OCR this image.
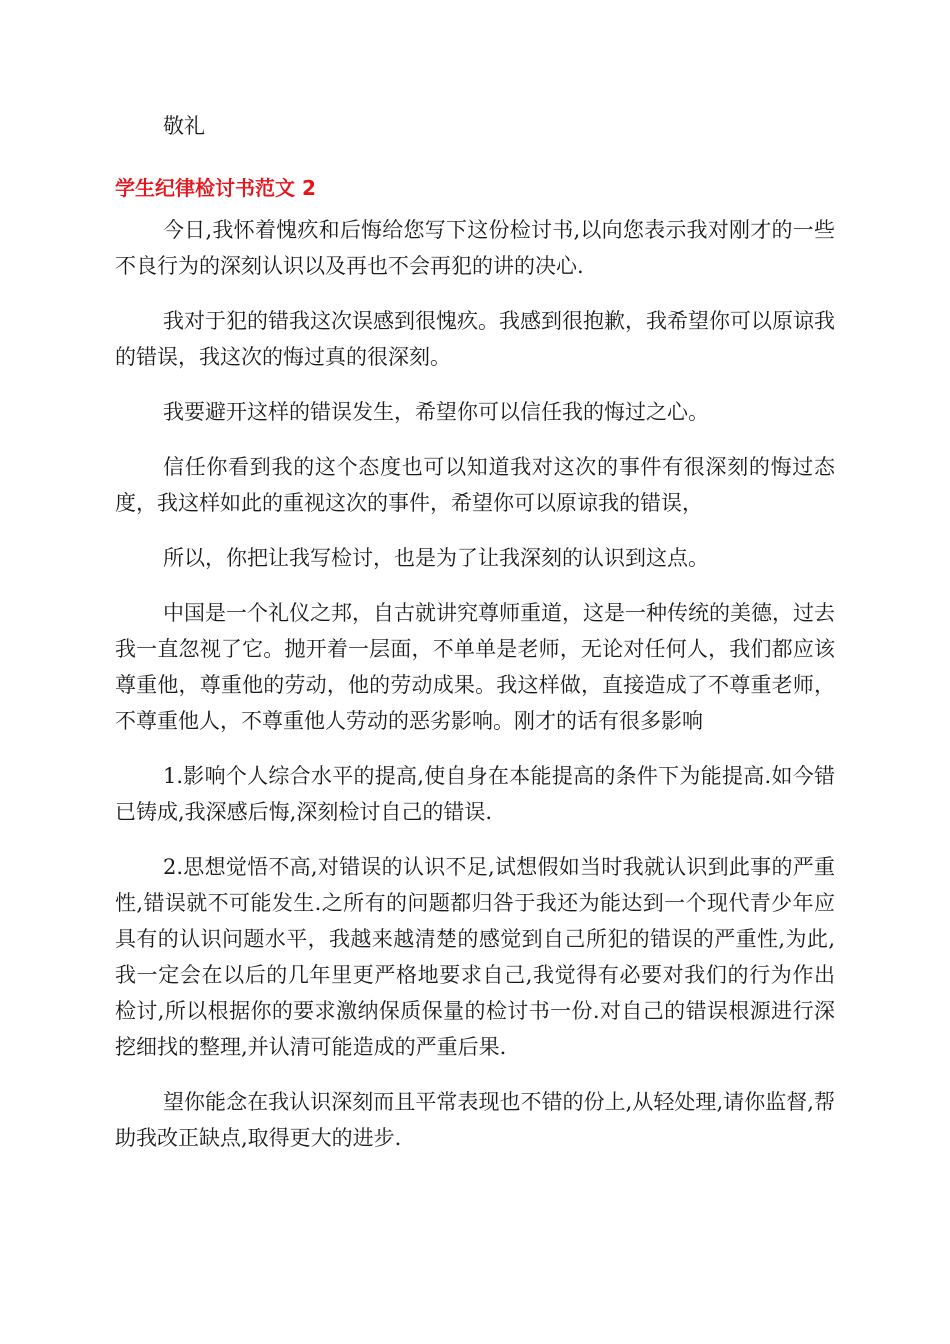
敬礼

学生纪律检讨书范文 2

今日,我怀着愧疚和后悔给您写下这份检讨书,以向您表示我对刚才的一些不良行为的深刻认识以及再也不会再犯的讲的决心.

我对于犯的错我这次误感到很愧疚。我感到很抱歉，我希望你可以原谅我的错误，我这次的悔过真的很深刻。

我要避开这样的错误发生，希望你可以信任我的悔过之心。

信任你看到我的这个态度也可以知道我对这次的事件有很深刻的悔过态度，我这样如此的重视这次的事件，希望你可以原谅我的错误，

所以，你把让我写检讨，也是为了让我深刻的认识到这点。

中国是一个礼仪之邦，自古就讲究尊师重道，这是一种传统的美德，过去我一直忽视了它。抛开着一层面，不单单是老师，无论对任何人，我们都应该尊重他，尊重他的劳动，他的劳动成果。我这样做，直接造成了不尊重老师，不尊重他人，不尊重他人劳动的恶劣影响。刚才的话有很多影响

1.影响个人综合水平的提高,使自身在本能提高的条件下为能提高.如今错已铸成,我深感后悔,深刻检讨自己的错误.

2.思想觉悟不高,对错误的认识不足,试想假如当时我就认识到此事的严重性,错误就不可能发生.之所有的问题都归咎于我还为能达到一个现代青少年应具有的认识问题水平，我越来越清楚的感觉到自己所犯的错误的严重性,为此,我一定会在以后的几年里更严格地要求自己,我觉得有必要对我们的行为作出检讨,所以根据你的要求激纳保质保量的检讨书一份.对自己的错误根源进行深挖细找的整理,并认清可能造成的严重后果.

望你能念在我认识深刻而且平常表现也不错的份上,从轻处理,请你监督,帮助我改正缺点,取得更大的进步.
